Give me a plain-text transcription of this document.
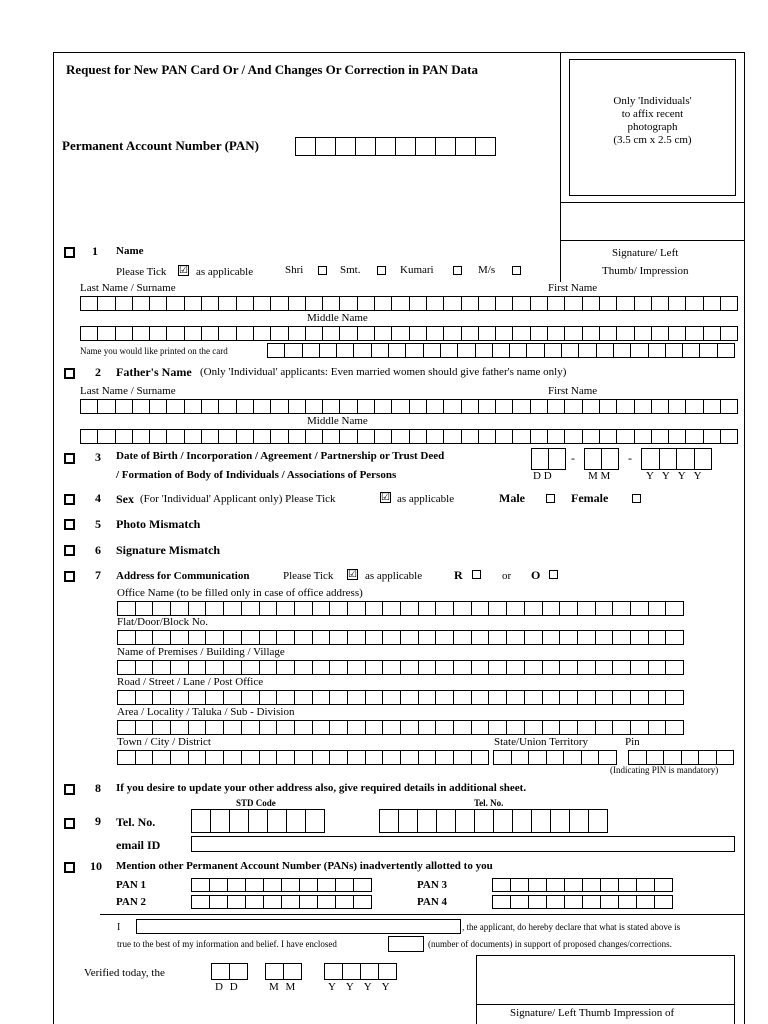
Request for New PAN Card Or / And Changes Or Correction in PAN Data
Permanent Account Number (PAN)
Only 'Individuals'
to affix recent
photograph
(3.5 cm x 2.5 cm)
Signature/ Left
Thumb/ Impression
1 Name
Please Tick ☑ as applicable	Shri	Smt.	Kumari	M/s
Last Name / Surname	First Name
Middle Name
Name you would like printed on the card
2 Father's Name (Only 'Individual' applicants: Even married women should give father's name only)
Last Name / Surname	First Name
Middle Name
3 Date of Birth / Incorporation / Agreement / Partnership or Trust Deed
/ Formation of Body of Individuals / Associations of Persons
-	-
D D	M M	Y Y Y Y
4 Sex (For 'Individual' Applicant only) Please Tick	☑ as applicable	Male	Female
5 Photo Mismatch
6 Signature Mismatch
7 Address for Communication	Please Tick ☑ as applicable	R	or O
Office Name (to be filled only in case of office address)
Flat/Door/Block No.
Name of Premises / Building / Village
Road / Street / Lane / Post Office
Area / Locality / Taluka / Sub - Division
Town / City / District	State/Union Territory	Pin
(Indicating PIN is mandatory)
8 If you desire to update your other address also, give required details in additional sheet.
STD Code	Tel. No.
9 Tel. No.
email ID
10 Mention other Permanent Account Number (PANs) inadvertently allotted to you
PAN 1	PAN 3
PAN 2	PAN 4
I	, the applicant, do hereby declare that what is stated above is
true to the best of my information and belief. I have enclosed	(number of documents) in support of proposed changes/corrections.
Verified today, the
D D	M M	Y Y Y Y
Signature/ Left Thumb Impression of
